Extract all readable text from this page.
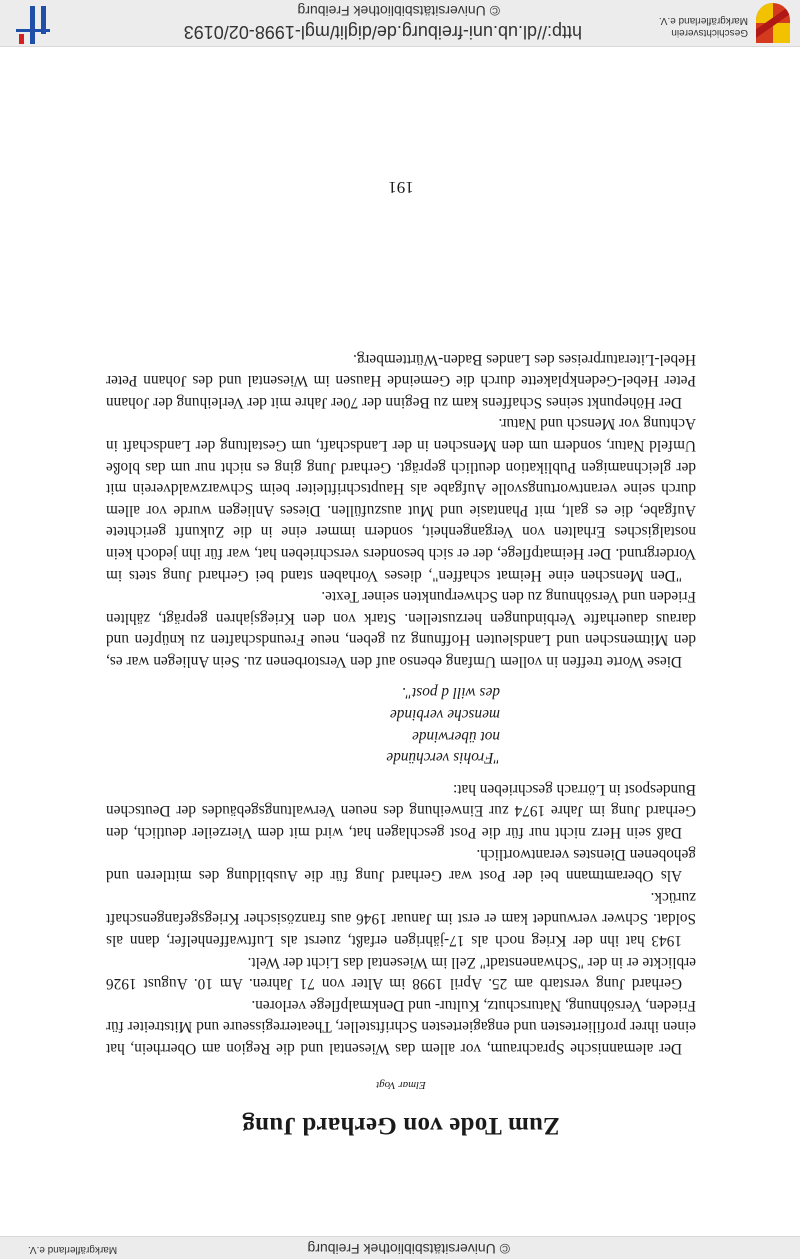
© Universitätsbibliothek Freiburg
Markgräflerland e.V.
Zum Tode von Gerhard Jung
Elmar Vogt

Der alemannische Sprachraum, vor allem das Wiesental und die Region am Oberrhein, hat einen ihrer profiliertesten und engagiertesten Schriftsteller, Theaterregisseure und Mitstreiter für Frieden, Versöhnung, Naturschutz, Kultur- und Denkmalpflege verloren.

Gerhard Jung verstarb am 25. April 1998 im Alter von 71 Jahren. Am 10. August 1926 erblickte er in der "Schwanenstadt" Zell im Wiesental das Licht der Welt.

1943 hat ihn der Krieg noch als 17-jährigen erfaßt, zuerst als Luftwaffenhelfer, dann als Soldat. Schwer verwundet kam er erst im Januar 1946 aus französischer Kriegsgefangenschaft zurück.

Als Oberamtmann bei der Post war Gerhard Jung für die Ausbildung des mittleren und gehobenen Dienstes verantwortlich.

Daß sein Herz nicht nur für die Post geschlagen hat, wird mit dem Vierzeiler deutlich, den Gerhard Jung im Jahre 1974 zur Einweihung des neuen Verwaltungsgebäudes der Deutschen Bundespost in Lörrach geschrieben hat:

"Frohis verchünde
not überwinde
mensche verbinde
des will d post".

Diese Worte treffen in vollem Umfang ebenso auf den Verstorbenen zu. Sein Anliegen war es, den Mitmenschen und Landsleuten Hoffnung zu geben, neue Freundschaften zu knüpfen und daraus dauerhafte Verbindungen herzustellen. Stark von den Kriegsjahren geprägt, zählten Frieden und Versöhnung zu den Schwerpunkten seiner Texte.

"Den Menschen eine Heimat schaffen", dieses Vorhaben stand bei Gerhard Jung stets im Vordergrund. Der Heimatpflege, der er sich besonders verschrieben hat, war für ihn jedoch kein nostalgisches Erhalten von Vergangenheit, sondern immer eine in die Zukunft gerichtete Aufgabe, die es galt, mit Phantasie und Mut auszufüllen. Dieses Anliegen wurde vor allem durch seine verantwortungsvolle Aufgabe als Hauptschriftleiter beim Schwarzwaldverein mit der gleichnamigen Publikation deutlich geprägt. Gerhard Jung ging es nicht nur um das bloße Umfeld Natur, sondern um den Menschen in der Landschaft, um Gestaltung der Landschaft in Achtung vor Mensch und Natur.

Der Höhepunkt seines Schaffens kam zu Beginn der 70er Jahre mit der Verleihung der Johann Peter Hebel-Gedenkplakette durch die Gemeinde Hausen im Wiesental und des Johann Peter Hebel-Literaturpreises des Landes Baden-Württemberg.

191
Geschichtsverein
Markgräflerland e.V.
http://dl.ub.uni-freiburg.de/diglit/mgl-1998-02/0193
© Universitätsbibliothek Freiburg
